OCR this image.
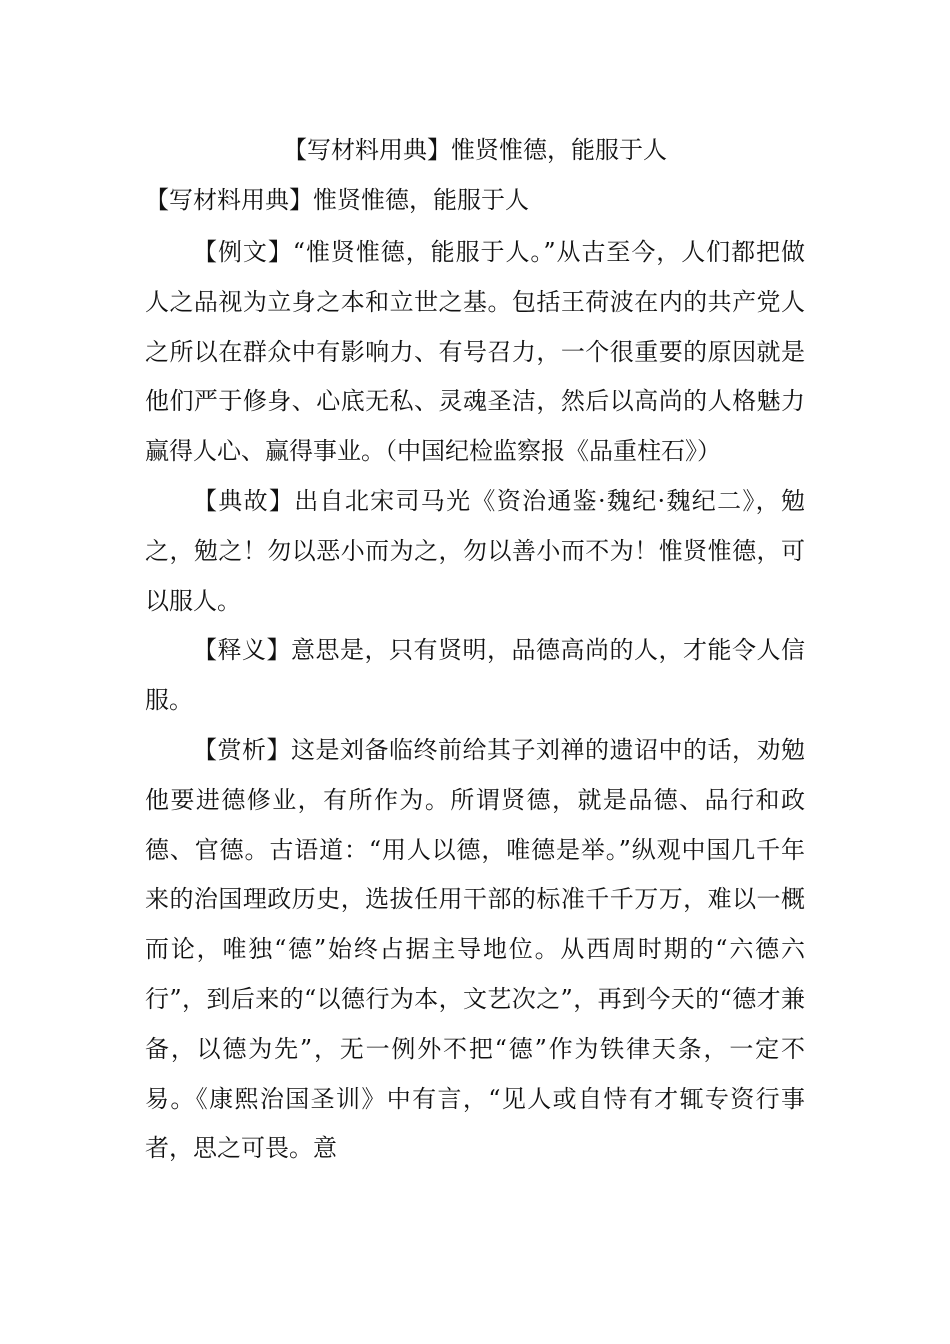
【写材料用典】惟贤惟德，能服于人
【写材料用典】惟贤惟德，能服于人

【例文】“惟贤惟德，能服于人。”从古至今，人们都把做人之品视为立身之本和立世之基。包括王荷波在内的共产党人之所以在群众中有影响力、有号召力，一个很重要的原因就是他们严于修身、心底无私、灵魂圣洁，然后以高尚的人格魅力赢得人心、赢得事业。（中国纪检监察报《品重柱石》）

【典故】出自北宋司马光《资治通鉴·魏纪·魏纪二》，勉之，勉之！勿以恶小而为之，勿以善小而不为！惟贤惟德，可以服人。

【释义】意思是，只有贤明，品德高尚的人，才能令人信服。

【赏析】这是刘备临终前给其子刘禅的遗诏中的话，劝勉他要进德修业，有所作为。所谓贤德，就是品德、品行和政德、官德。古语道：“用人以德，唯德是举。”纵观中国几千年来的治国理政历史，选拔任用干部的标准千千万万，难以一概而论，唯独“德”始终占据主导地位。从西周时期的“六德六行”，到后来的“以德行为本，文艺次之”，再到今天的“德才兼备，以德为先”，无一例外不把“德”作为铁律天条，一定不易。《康熙治国圣训》中有言，“见人或自恃有才辄专资行事者，思之可畏。意
